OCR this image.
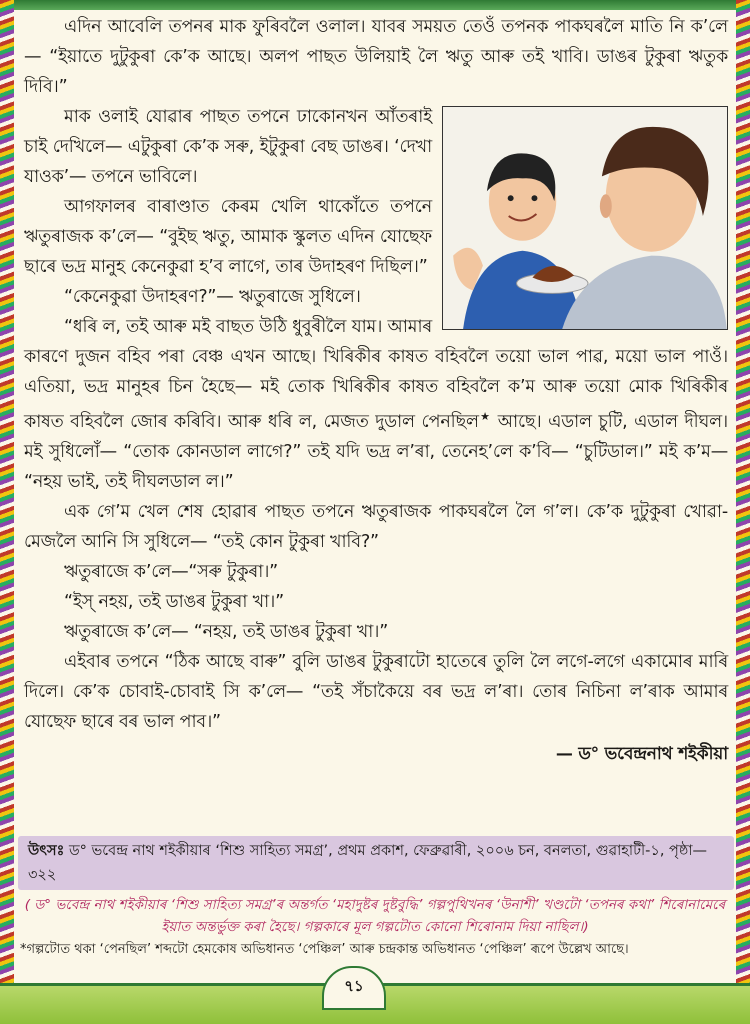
এদিন আবেলি তপনৰ মাক ফুৰিবলৈ ওলাল। যাবৰ সময়ত তেওঁ তপনক পাকঘৰলৈ মাতি নি ক’লে— “ইয়াতে দুটুকুৰা কে’ক আছে। অলপ পাছত উলিয়াই লৈ ঋতু আৰু তই খাবি। ডাঙৰ টুকুৰা ঋতুক দিবি।”

মাক ওলাই যোৱাৰ পাছত তপনে ঢাকোনখন আঁতৰাই চাই দেখিলে— এটুকুৰা কে’ক সৰু, ইটুকুৰা বেছ ডাঙৰ। ‘দেখা যাওক’— তপনে ভাবিলে।

আগফালৰ বাৰাণ্ডাত কেৰম খেলি থাকোঁতে তপনে ঋতুৰাজক ক’লে— “বুইছ ঋতু, আমাক স্কুলত এদিন যোছেফ ছাৰে ভদ্ৰ মানুহ কেনেকুৱা হ’ব লাগে, তাৰ উদাহৰণ দিছিল।”

“কেনেকুৱা উদাহৰণ?”— ঋতুৰাজে সুধিলে।

“ধৰি ল, তই আৰু মই বাছত উঠি ধুবুৰীলৈ যাম। আমাৰ কাৰণে দুজন বহিব পৰা বেঞ্চ এখন আছে। খিৰিকীৰ কাষত বহিবলৈ তয়ো ভাল পাৱ, ময়ো ভাল পাওঁ। এতিয়া, ভদ্ৰ মানুহৰ চিন হৈছে— মই তোক খিৰিকীৰ কাষত বহিবলৈ ক’ম আৰু তয়ো মোক খিৰিকীৰ কাষত বহিবলৈ জোৰ কৰিবি। আৰু ধৰি ল, মেজত দুডাল পেনছিল★ আছে। এডাল চুটি, এডাল দীঘল। মই সুধিলোঁ— “তোক কোনডাল লাগে?” তই যদি ভদ্ৰ ল’ৰা, তেনেহ’লে ক’বি— “চুটিডাল।” মই ক’ম— “নহয় ভাই, তই দীঘলডাল ল।”

এক গে’ম খেল শেষ হোৱাৰ পাছত তপনে ঋতুৰাজক পাকঘৰলৈ লৈ গ’ল। কে’ক দুটুকুৰা খোৱা-মেজলৈ আনি সি সুধিলে— “তই কোন টুকুৰা খাবি?”

ঋতুৰাজে ক’লে—“সৰু টুকুৰা।”

“ইস্ নহয়, তই ডাঙৰ টুকুৰা খা।”

ঋতুৰাজে ক’লে— “নহয়, তই ডাঙৰ টুকুৰা খা।”

এইবাৰ তপনে “ঠিক আছে বাৰু” বুলি ডাঙৰ টুকুৰাটো হাতেৰে তুলি লৈ লগে-লগে একামোৰ মাৰি দিলে। কে’ক চোবাই-চোবাই সি ক’লে— “তই সঁচাকৈয়ে বৰ ভদ্ৰ ল’ৰা। তোৰ নিচিনা ল’ৰাক আমাৰ যোছেফ ছাৰে বৰ ভাল পাব।”

— ড° ভবেন্দ্ৰনাথ শইকীয়া
উৎসঃ ড° ভবেন্দ্ৰ নাথ শইকীয়াৰ ‘শিশু সাহিত্য সমগ্ৰ’, প্ৰথম প্ৰকাশ, ফেব্ৰুৱাৰী, ২০০৬ চন, বনলতা, গুৱাহাটী-১, পৃষ্ঠা— ৩২২
( ড° ভবেন্দ্ৰ নাথ শইকীয়াৰ ‘শিশু সাহিত্য সমগ্ৰ’ৰ অন্তৰ্গত ‘মহাদুষ্টৰ দুষ্টবুদ্ধি’ গল্পপুথিখনৰ ‘উনাশী’ খণ্ডটো ‘তপনৰ কথা’ শিৰোনামেৰে ইয়াত অন্তৰ্ভুক্ত কৰা হৈছে। গল্পকাৰে মূল গল্পটোত কোনো শিৰোনাম দিয়া নাছিল।)
*গল্পটোত থকা ‘পেনছিল’ শব্দটো হেমকোষ অভিধানত ‘পেঞ্চিল’ আৰু চন্দ্ৰকান্ত অভিধানত ‘পেঞ্চিল’ ৰূপে উল্লেখ আছে।
৭১
